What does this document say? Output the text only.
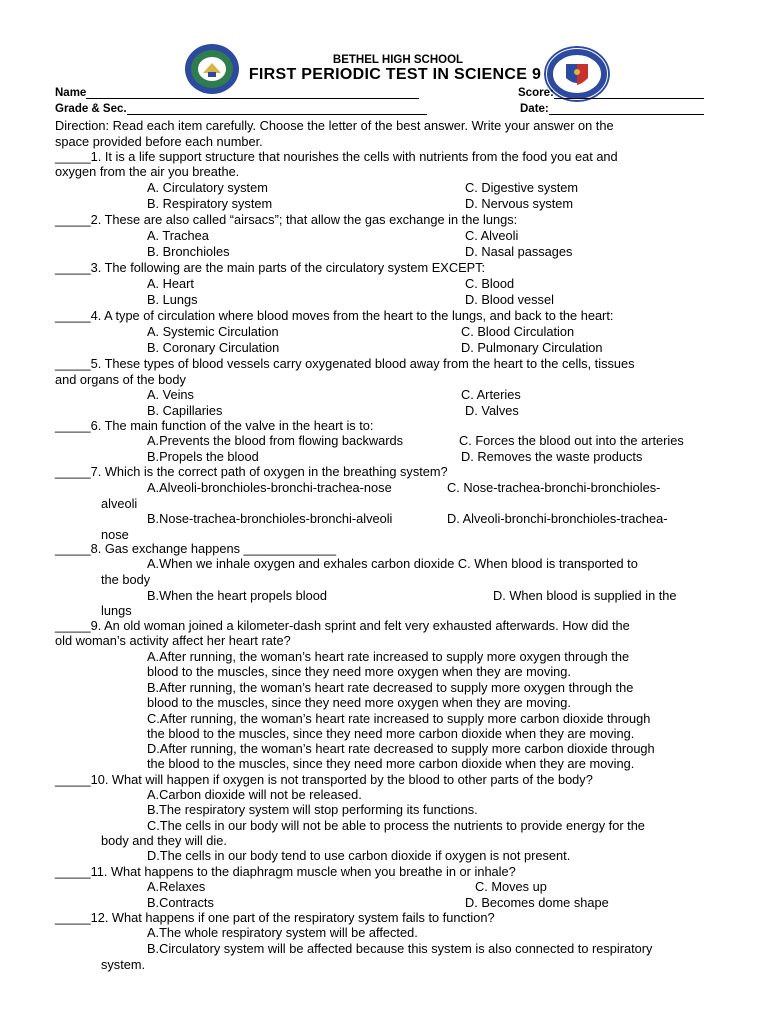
BETHEL HIGH SCHOOL
FIRST PERIODIC TEST IN SCIENCE 9
Name	Score:
Grade & Sec.	Date:
Direction: Read each item carefully. Choose the letter of the best answer. Write your answer on the
space provided before each number.
_____1. It is a life support structure that nourishes the cells with nutrients from the food you eat and
oxygen from the air you breathe.
A. Circulatory system	C. Digestive system
B. Respiratory system	D. Nervous system
_____2. These are also called “airsacs”; that allow the gas exchange in the lungs:
A. Trachea	C. Alveoli
B. Bronchioles	D. Nasal passages
_____3. The following are the main parts of the circulatory system EXCEPT:
A. Heart	C. Blood
B. Lungs	D. Blood vessel
_____4. A type of circulation where blood moves from the heart to the lungs, and back to the heart:
A. Systemic Circulation	C. Blood Circulation
B. Coronary Circulation	D. Pulmonary Circulation
_____5. These types of blood vessels carry oxygenated blood away from the heart to the cells, tissues
and organs of the body
A. Veins	C. Arteries
B. Capillaries	D. Valves
_____6. The main function of the valve in the heart is to:
A.Prevents the blood from flowing backwards	C. Forces the blood out into the arteries
B.Propels the blood	D. Removes the waste products
_____7. Which is the correct path of oxygen in the breathing system?
A.Alveoli-bronchioles-bronchi-trachea-nose	C. Nose-trachea-bronchi-bronchioles-
alveoli
B.Nose-trachea-bronchioles-bronchi-alveoli	D. Alveoli-bronchi-bronchioles-trachea-
nose
_____8. Gas exchange happens _____________
A.When we inhale oxygen and exhales carbon dioxide C. When blood is transported to
the body
B.When the heart propels blood	D. When blood is supplied in the
lungs
_____9. An old woman joined a kilometer-dash sprint and felt very exhausted afterwards. How did the
old woman’s activity affect her heart rate?
A.After running, the woman’s heart rate increased to supply more oxygen through the
blood to the muscles, since they need more oxygen when they are moving.
B.After running, the woman’s heart rate decreased to supply more oxygen through the
blood to the muscles, since they need more oxygen when they are moving.
C.After running, the woman’s heart rate increased to supply more carbon dioxide through
the blood to the muscles, since they need more carbon dioxide when they are moving.
D.After running, the woman’s heart rate decreased to supply more carbon dioxide through
the blood to the muscles, since they need more carbon dioxide when they are moving.
_____10. What will happen if oxygen is not transported by the blood to other parts of the body?
A.Carbon dioxide will not be released.
B.The respiratory system will stop performing its functions.
C.The cells in our body will not be able to process the nutrients to provide energy for the
body and they will die.
D.The cells in our body tend to use carbon dioxide if oxygen is not present.
_____11. What happens to the diaphragm muscle when you breathe in or inhale?
A.Relaxes	C. Moves up
B.Contracts	D. Becomes dome shape
_____12. What happens if one part of the respiratory system fails to function?
A.The whole respiratory system will be affected.
B.Circulatory system will be affected because this system is also connected to respiratory
system.
